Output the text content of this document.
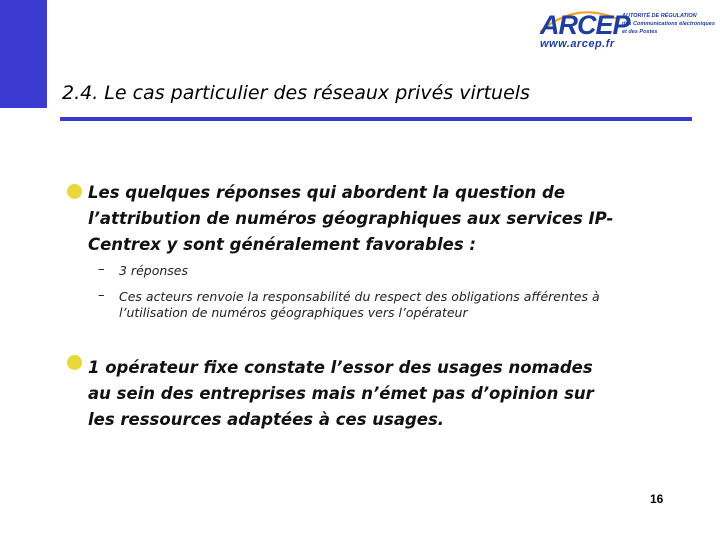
ARCEP
www.arcep.fr
AUTORITÉ DE RÉGULATION
des Communications électroniques
et des Postes
2.4. Le cas particulier des réseaux privés virtuels
Les quelques réponses qui abordent la question de
l’attribution de numéros géographiques aux services IP-
Centrex y sont généralement favorables :
– 3 réponses
– Ces acteurs renvoie la responsabilité du respect des obligations afférentes à
l’utilisation de numéros géographiques vers l’opérateur
1 opérateur fixe constate l’essor des usages nomades
au sein des entreprises mais n’émet pas d’opinion sur
les ressources adaptées à ces usages.
16
